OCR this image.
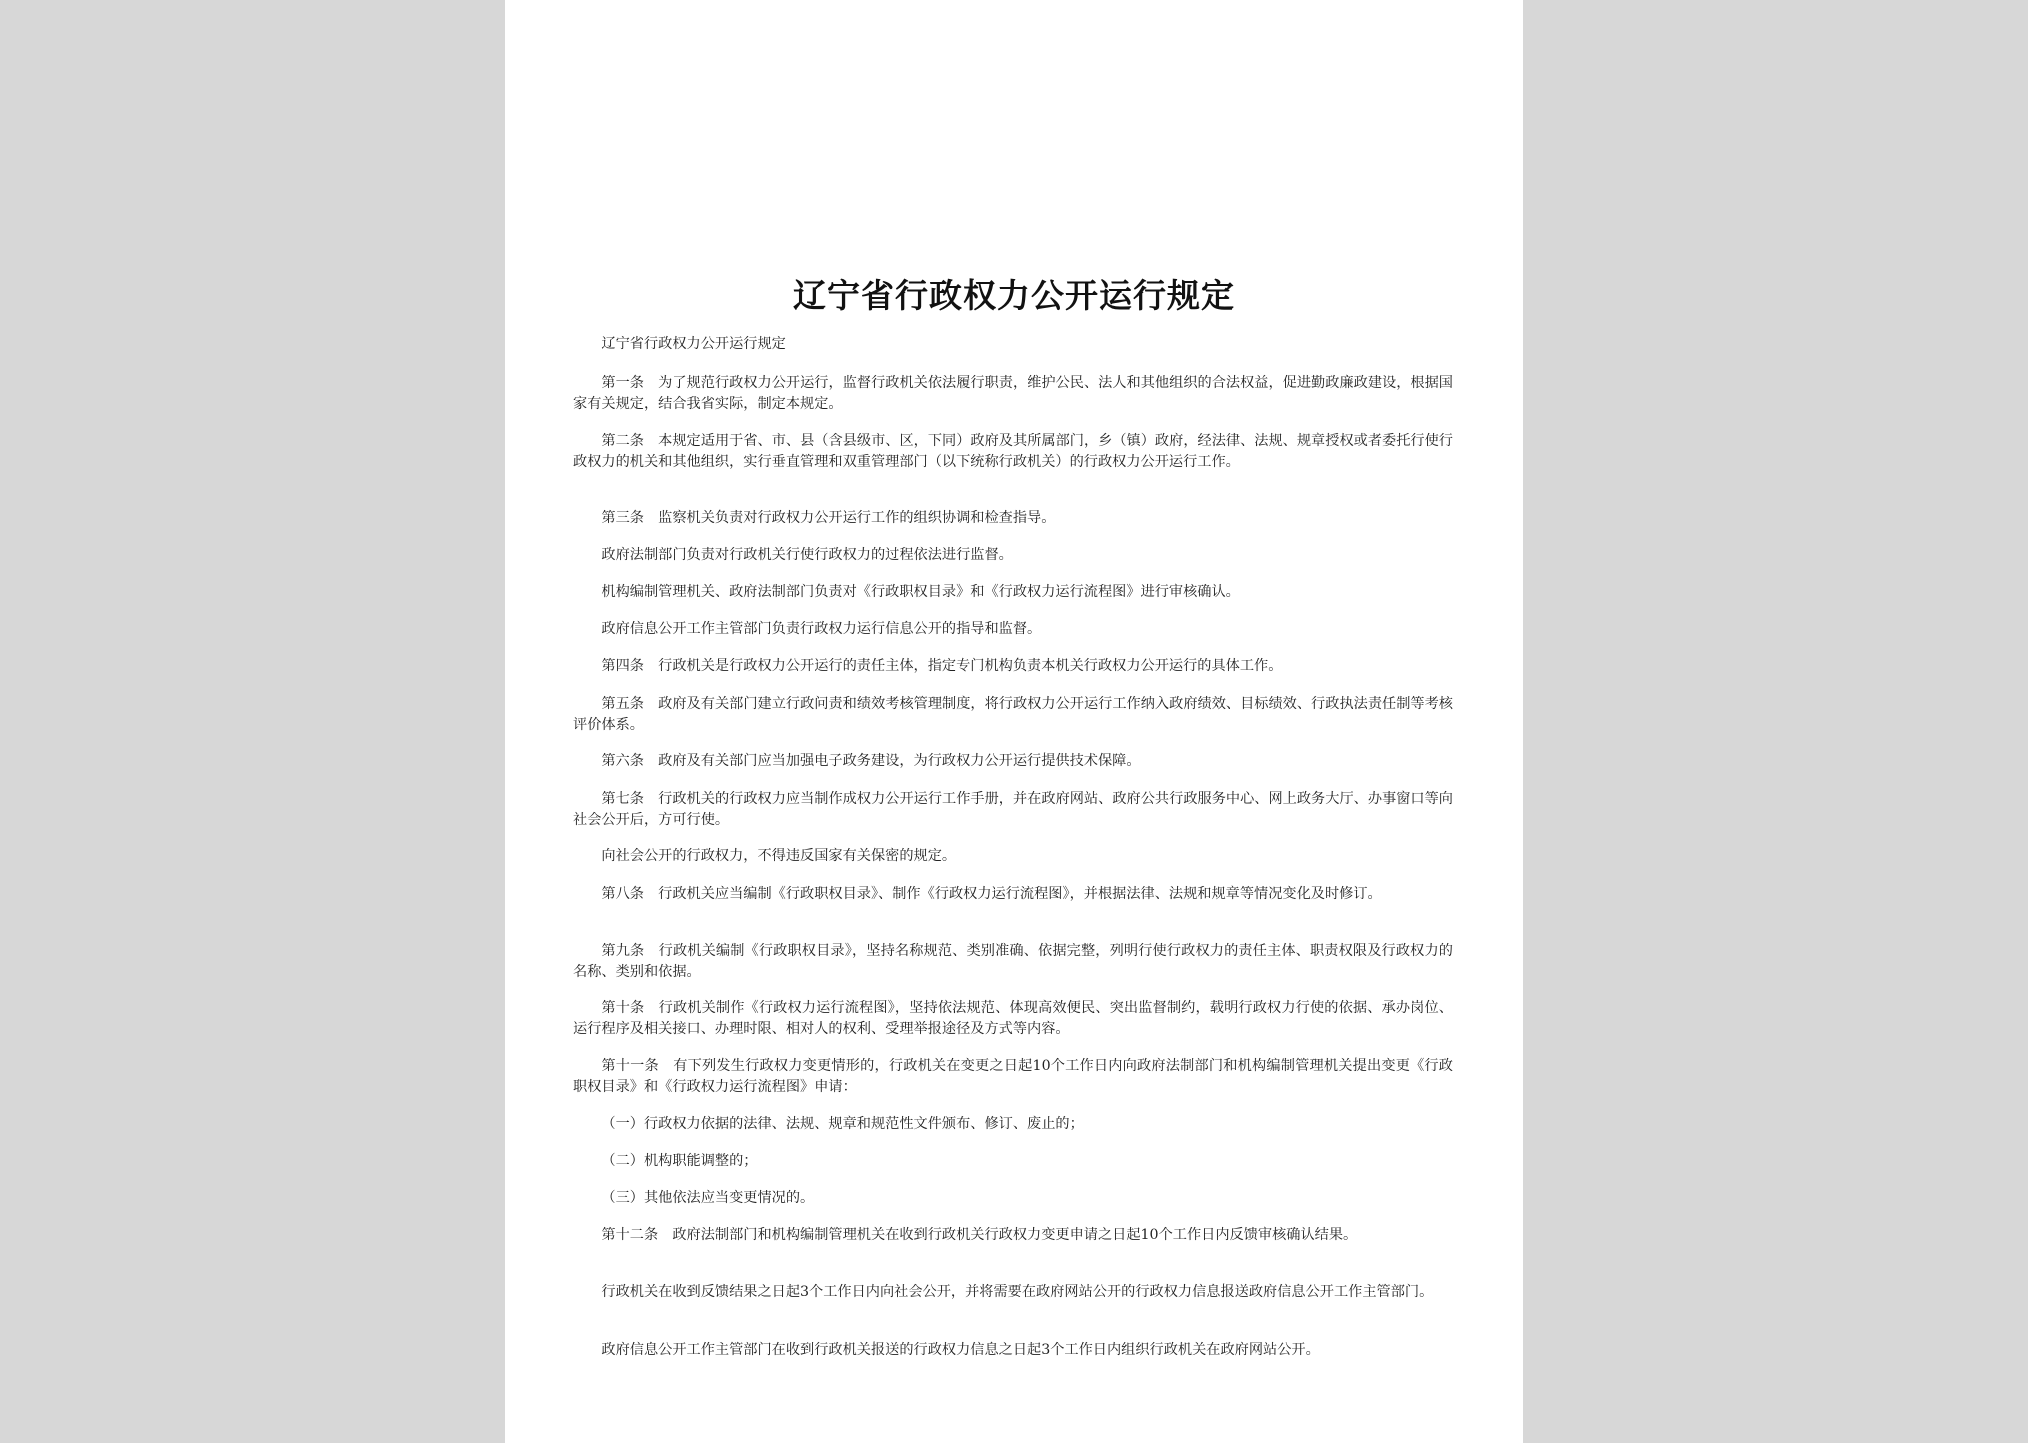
辽宁省行政权力公开运行规定

辽宁省行政权力公开运行规定

第一条　为了规范行政权力公开运行，监督行政机关依法履行职责，维护公民、法人和其他组织的合法权益，促进勤政廉政建设，根据国家有关规定，结合我省实际，制定本规定。

第二条　本规定适用于省、市、县（含县级市、区，下同）政府及其所属部门，乡（镇）政府，经法律、法规、规章授权或者委托行使行政权力的机关和其他组织，实行垂直管理和双重管理部门（以下统称行政机关）的行政权力公开运行工作。

第三条　监察机关负责对行政权力公开运行工作的组织协调和检查指导。

政府法制部门负责对行政机关行使行政权力的过程依法进行监督。

机构编制管理机关、政府法制部门负责对《行政职权目录》和《行政权力运行流程图》进行审核确认。

政府信息公开工作主管部门负责行政权力运行信息公开的指导和监督。

第四条　行政机关是行政权力公开运行的责任主体，指定专门机构负责本机关行政权力公开运行的具体工作。

第五条　政府及有关部门建立行政问责和绩效考核管理制度，将行政权力公开运行工作纳入政府绩效、目标绩效、行政执法责任制等考核评价体系。

第六条　政府及有关部门应当加强电子政务建设，为行政权力公开运行提供技术保障。

第七条　行政机关的行政权力应当制作成权力公开运行工作手册，并在政府网站、政府公共行政服务中心、网上政务大厅、办事窗口等向社会公开后，方可行使。

向社会公开的行政权力，不得违反国家有关保密的规定。

第八条　行政机关应当编制《行政职权目录》、制作《行政权力运行流程图》，并根据法律、法规和规章等情况变化及时修订。

第九条　行政机关编制《行政职权目录》，坚持名称规范、类别准确、依据完整，列明行使行政权力的责任主体、职责权限及行政权力的名称、类别和依据。

第十条　行政机关制作《行政权力运行流程图》，坚持依法规范、体现高效便民、突出监督制约，载明行政权力行使的依据、承办岗位、运行程序及相关接口、办理时限、相对人的权利、受理举报途径及方式等内容。

第十一条　有下列发生行政权力变更情形的，行政机关在变更之日起10个工作日内向政府法制部门和机构编制管理机关提出变更《行政职权目录》和《行政权力运行流程图》申请：

（一）行政权力依据的法律、法规、规章和规范性文件颁布、修订、废止的；

（二）机构职能调整的；

（三）其他依法应当变更情况的。

第十二条　政府法制部门和机构编制管理机关在收到行政机关行政权力变更申请之日起10个工作日内反馈审核确认结果。

行政机关在收到反馈结果之日起3个工作日内向社会公开，并将需要在政府网站公开的行政权力信息报送政府信息公开工作主管部门。

政府信息公开工作主管部门在收到行政机关报送的行政权力信息之日起3个工作日内组织行政机关在政府网站公开。
